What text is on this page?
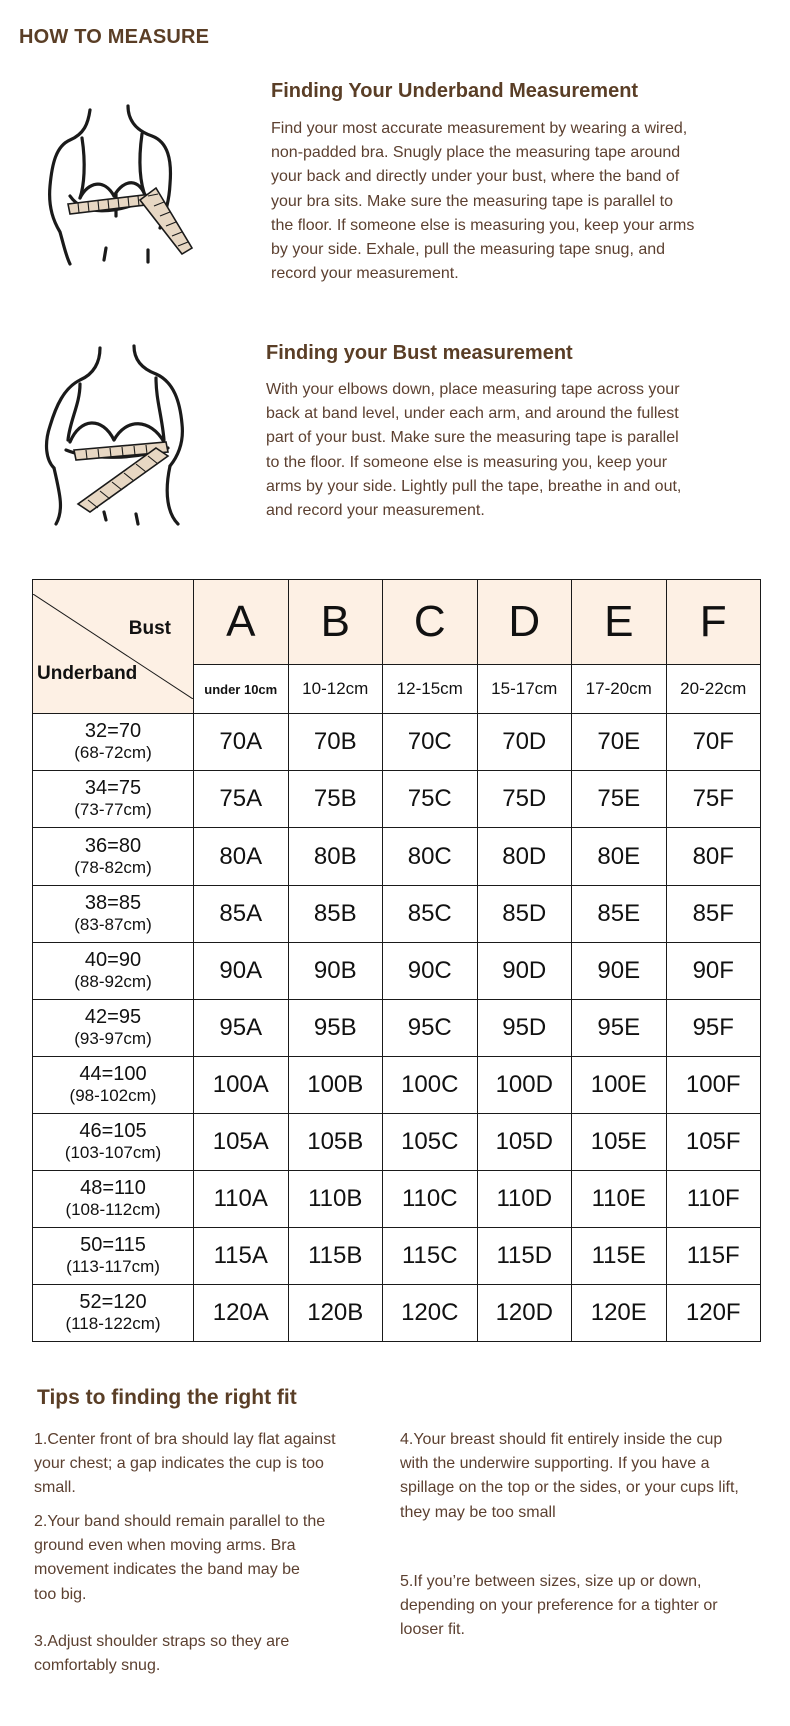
HOW TO MEASURE
Finding Your Underband Measurement
Find your most accurate measurement by wearing a wired,
non-padded bra. Snugly place the measuring tape around
your back and directly under your bust, where the band of
your bra sits. Make sure the measuring tape is parallel to
the floor. If someone else is measuring you, keep your arms
by your side. Exhale, pull the measuring tape snug, and
record your measurement.
Finding your Bust measurement
With your elbows down, place measuring tape across your
back at band level, under each arm, and around the fullest
part of your bust. Make sure the measuring tape is parallel
to the floor. If someone else is measuring you, keep your
arms by your side. Lightly pull the tape, breathe in and out,
and record your measurement.
Bust
Underband	A	B	C	D	E	F
	under 10cm	10-12cm	12-15cm	15-17cm	17-20cm	20-22cm
32=70
(68-72cm)	70A	70B	70C	70D	70E	70F
34=75
(73-77cm)	75A	75B	75C	75D	75E	75F
36=80
(78-82cm)	80A	80B	80C	80D	80E	80F
38=85
(83-87cm)	85A	85B	85C	85D	85E	85F
40=90
(88-92cm)	90A	90B	90C	90D	90E	90F
42=95
(93-97cm)	95A	95B	95C	95D	95E	95F
44=100
(98-102cm)	100A	100B	100C	100D	100E	100F
46=105
(103-107cm)	105A	105B	105C	105D	105E	105F
48=110
(108-112cm)	110A	110B	110C	110D	110E	110F
50=115
(113-117cm)	115A	115B	115C	115D	115E	115F
52=120
(118-122cm)	120A	120B	120C	120D	120E	120F
Tips to finding the right fit
1.Center front of bra should lay flat against
your chest; a gap indicates the cup is too
small.
2.Your band should remain parallel to the
ground even when moving arms. Bra
movement indicates the band may be
too big.
3.Adjust shoulder straps so they are
comfortably snug.
4.Your breast should fit entirely inside the cup
with the underwire supporting. If you have a
spillage on the top or the sides, or your cups lift,
they may be too small
5.If you’re between sizes, size up or down,
depending on your preference for a tighter or
looser fit.
